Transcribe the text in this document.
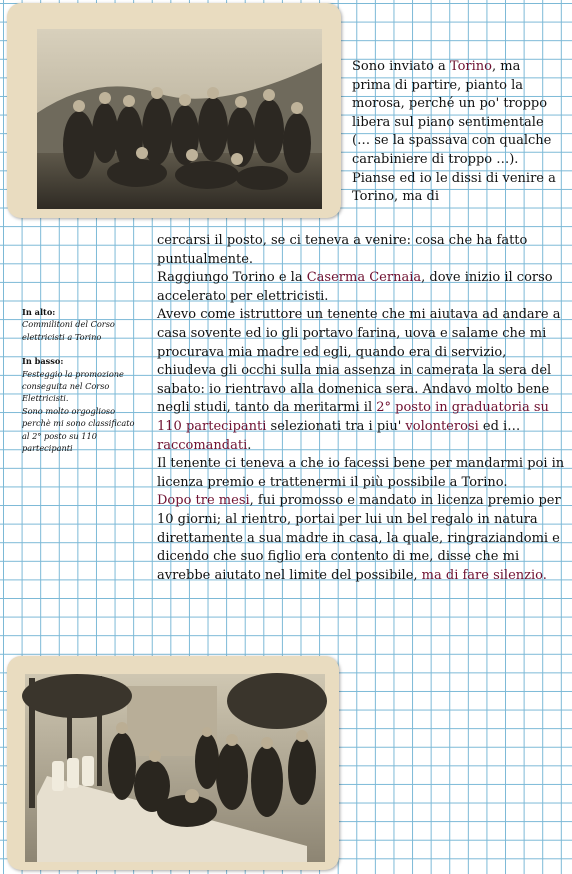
Sono inviato a Torino, ma prima di partire, pianto la morosa, perché un po' troppo libera sul piano sentimentale (… se la spassava con qualche carabiniere di troppo …). Pianse ed io le dissi di venire a Torino, ma di
cercarsi il posto, se ci teneva a venire: cosa che ha fatto puntualmente.
Raggiungo Torino e la Caserma Cernaia, dove inizio il corso accelerato per elettricisti.
Avevo come istruttore un tenente che mi aiutava ad andare a casa sovente ed io gli portavo farina, uova e salame che mi procurava mia madre ed egli, quando era di servizio, chiudeva gli occhi sulla mia assenza in camerata la sera del sabato: io rientravo alla domenica sera. Andavo molto bene negli studi, tanto da meritarmi il 2° posto in graduatoria su 110 partecipanti selezionati tra i piu' volonterosi ed i… raccomandati.
Il tenente ci teneva a che io facessi bene per mandarmi poi in licenza premio e trattenermi il più possibile a Torino.
Dopo tre mesi, fui promosso e mandato in licenza premio per 10 giorni; al rientro, portai per lui un bel regalo in natura direttamente a sua madre in casa, la quale, ringraziandomi e dicendo che suo figlio era contento di me, disse che mi avrebbe aiutato nel limite del possibile, ma di fare silenzio.
In alto:
Commilitoni del Corso elettricisti a Torino
In basso:
Festeggio la promozione conseguita nel Corso Elettricisti.
Sono molto orgoglioso perchè mi sono classificato al 2° posto su 110 partecipanti
